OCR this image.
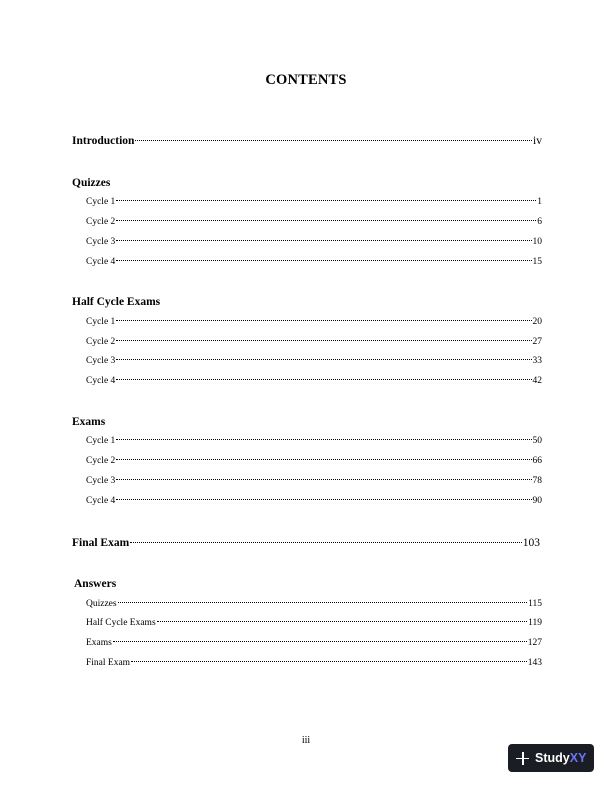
CONTENTS
Introduction	iv
Quizzes
Cycle 1	1
Cycle 2	6
Cycle 3	10
Cycle 4	15
Half Cycle Exams
Cycle 1	20
Cycle 2	27
Cycle 3	33
Cycle 4	42
Exams
Cycle 1	50
Cycle 2	66
Cycle 3	78
Cycle 4	90
Final Exam	103
Answers
Quizzes	115
Half Cycle Exams	119
Exams	127
Final Exam	143
iii
Study XY
